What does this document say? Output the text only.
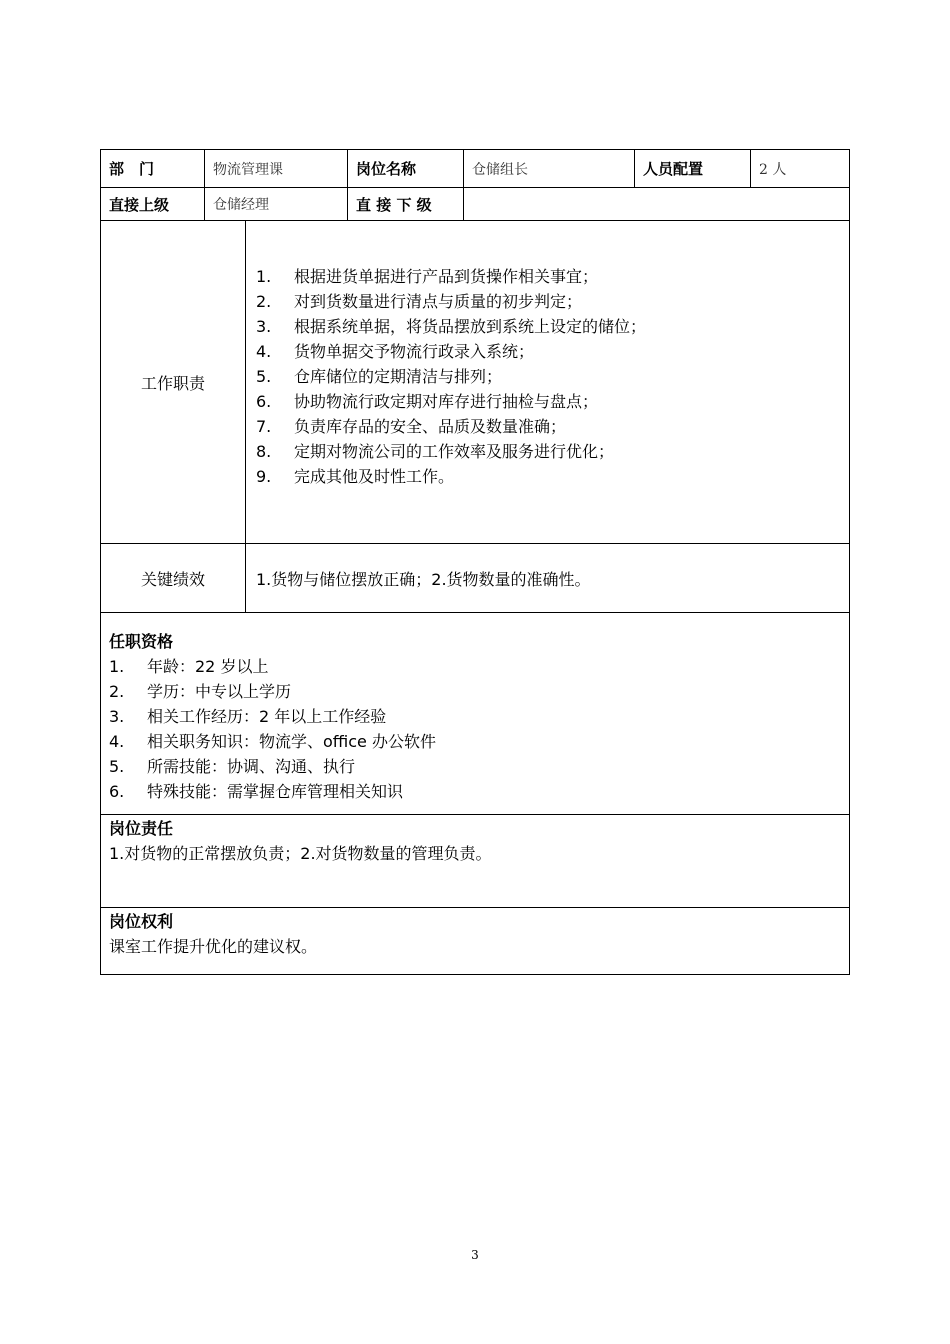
部　门	物流管理课	岗位名称	仓储组长	人员配置	2 人
直接上级	仓储经理	直 接 下 级
工作职责
1.	根据进货单据进行产品到货操作相关事宜；
2.	对到货数量进行清点与质量的初步判定；
3.	根据系统单据，将货品摆放到系统上设定的储位；
4.	货物单据交予物流行政录入系统；
5.	仓库储位的定期清洁与排列；
6.	协助物流行政定期对库存进行抽检与盘点；
7.	负责库存品的安全、品质及数量准确；
8.	定期对物流公司的工作效率及服务进行优化；
9.	完成其他及时性工作。
关键绩效	1.货物与储位摆放正确；2.货物数量的准确性。
任职资格
1.	年龄：22 岁以上
2.	学历：中专以上学历
3.	相关工作经历：2 年以上工作经验
4.	相关职务知识：物流学、office 办公软件
5.	所需技能：协调、沟通、执行
6.	特殊技能：需掌握仓库管理相关知识
岗位责任
1.对货物的正常摆放负责；2.对货物数量的管理负责。
岗位权利
课室工作提升优化的建议权。
3
